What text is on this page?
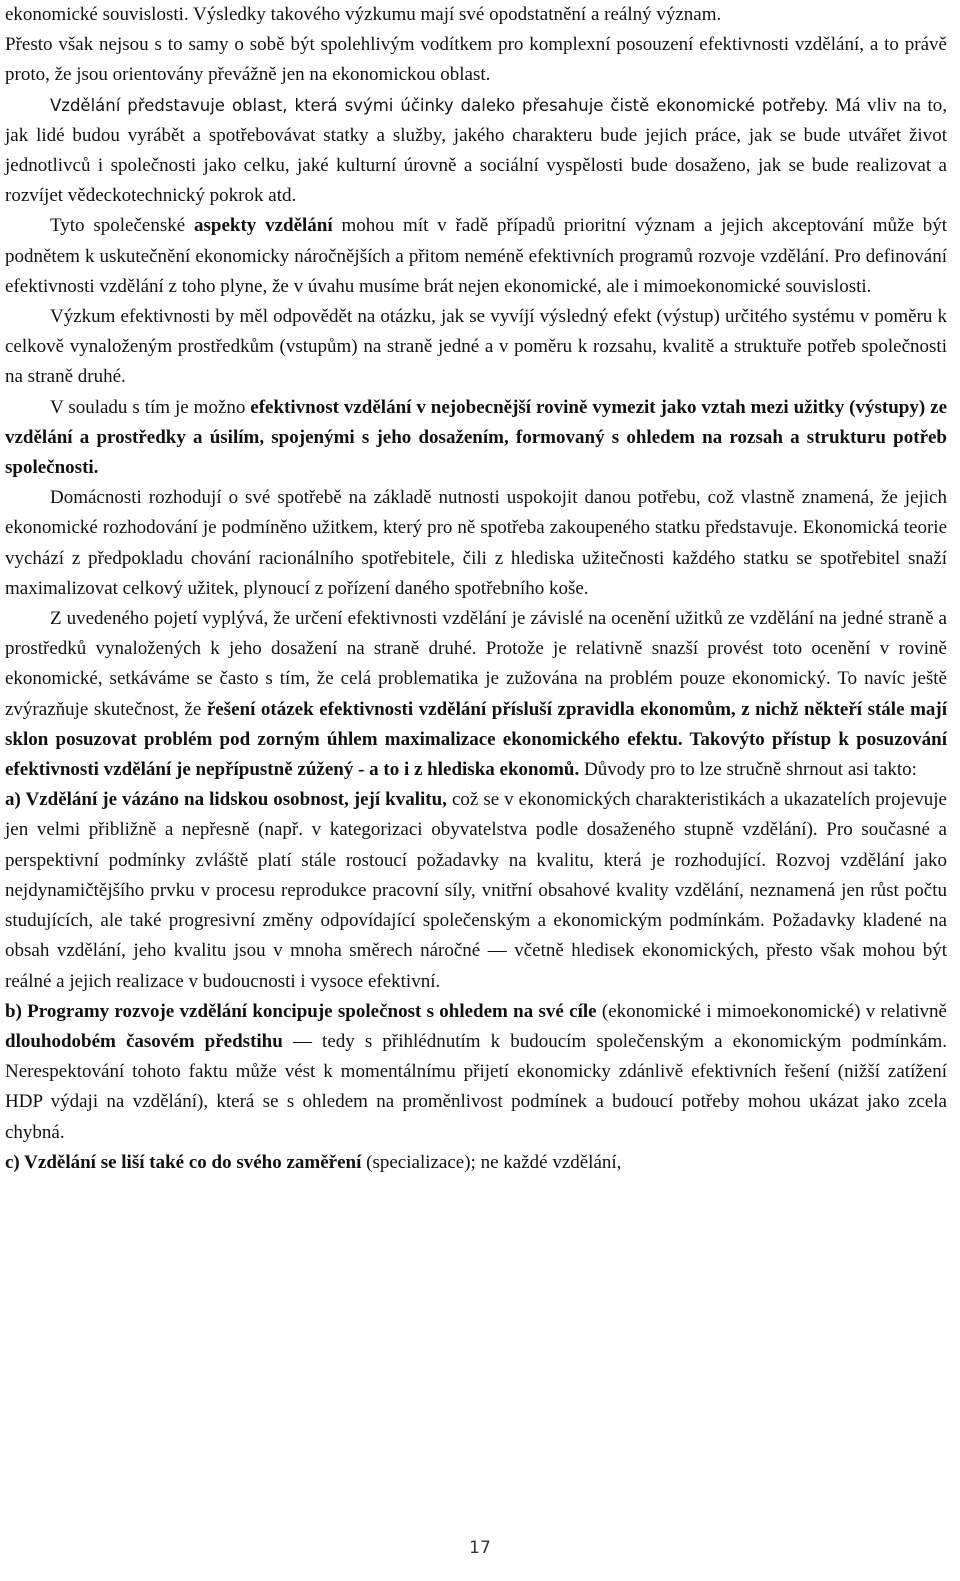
ekonomické souvislosti. Výsledky takového výzkumu mají své opodstatnění a reálný význam.
Přesto však nejsou s to samy o sobě být spolehlivým vodítkem pro komplexní posouzení efektivnosti vzdělání, a to právě proto, že jsou orientovány převážně jen na ekonomickou oblast.

Vzdělání představuje oblast, která svými účinky daleko přesahuje čistě ekonomické potřeby. Má vliv na to, jak lidé budou vyrábět a spotřebovávat statky a služby, jakého charakteru bude jejich práce, jak se bude utvářet život jednotlivců i společnosti jako celku, jaké kulturní úrovně a sociální vyspělosti bude dosaženo, jak se bude realizovat a rozvíjet vědeckotechnický pokrok atd.

Tyto společenské aspekty vzdělání mohou mít v řadě případů prioritní význam a jejich akceptování může být podnětem k uskutečnění ekonomicky náročnějších a přitom neméně efektivních programů rozvoje vzdělání. Pro definování efektivnosti vzdělání z toho plyne, že v úvahu musíme brát nejen ekonomické, ale i mimoekonomické souvislosti.

Výzkum efektivnosti by měl odpovědět na otázku, jak se vyvíjí výsledný efekt (výstup) určitého systému v poměru k celkově vynaloženým prostředkům (vstupům) na straně jedné a v poměru k rozsahu, kvalitě a struktuře potřeb společnosti na straně druhé.

V souladu s tím je možno efektivnost vzdělání v nejobecnější rovině vymezit jako vztah mezi užitky (výstupy) ze vzdělání a prostředky a úsilím, spojenými s jeho dosažením, formovaný s ohledem na rozsah a strukturu potřeb společnosti.

Domácnosti rozhodují o své spotřebě na základě nutnosti uspokojit danou potřebu, což vlastně znamená, že jejich ekonomické rozhodování je podmíněno užitkem, který pro ně spotřeba zakoupeného statku představuje. Ekonomická teorie vychází z předpokladu chování racionálního spotřebitele, čili z hlediska užitečnosti každého statku se spotřebitel snaží maximalizovat celkový užitek, plynoucí z pořízení daného spotřebního koše.

Z uvedeného pojetí vyplývá, že určení efektivnosti vzdělání je závislé na ocenění užitků ze vzdělání na jedné straně a prostředků vynaložených k jeho dosažení na straně druhé. Protože je relativně snazší provést toto ocenění v rovině ekonomické, setkáváme se často s tím, že celá problematika je zužována na problém pouze ekonomický. To navíc ještě zvýrazňuje skutečnost, že řešení otázek efektivnosti vzdělání přísluší zpravidla ekonomům, z nichž někteří stále mají sklon posuzovat problém pod zorným úhlem maximalizace ekonomického efektu. Takovýto přístup k posuzování efektivnosti vzdělání je nepřípustně zúžený - a to i z hlediska ekonomů. Důvody pro to lze stručně shrnout asi takto:

a) Vzdělání je vázáno na lidskou osobnost, její kvalitu, což se v ekonomických charakteristikách a ukazatelích projevuje jen velmi přibližně a nepřesně (např. v kategorizaci obyvatelstva podle dosaženého stupně vzdělání). Pro současné a perspektivní podmínky zvláště platí stále rostoucí požadavky na kvalitu, která je rozhodující. Rozvoj vzdělání jako nejdynamičtějšího prvku v procesu reprodukce pracovní síly, vnitřní obsahové kvality vzdělání, neznamená jen růst počtu studujících, ale také progresivní změny odpovídající společenským a ekonomickým podmínkám. Požadavky kladené na obsah vzdělání, jeho kvalitu jsou v mnoha směrech náročné — včetně hledisek ekonomických, přesto však mohou být reálné a jejich realizace v budoucnosti i vysoce efektivní.

b) Programy rozvoje vzdělání koncipuje společnost s ohledem na své cíle (ekonomické i mimoekonomické) v relativně dlouhodobém časovém předstihu — tedy s přihlédnutím k budoucím společenským a ekonomickým podmínkám. Nerespektování tohoto faktu může vést k momentálnímu přijetí ekonomicky zdánlivě efektivních řešení (nižší zatížení HDP výdaji na vzdělání), která se s ohledem na proměnlivost podmínek a budoucí potřeby mohou ukázat jako zcela chybná.

c) Vzdělání se liší také co do svého zaměření (specializace); ne každé vzdělání,

17
